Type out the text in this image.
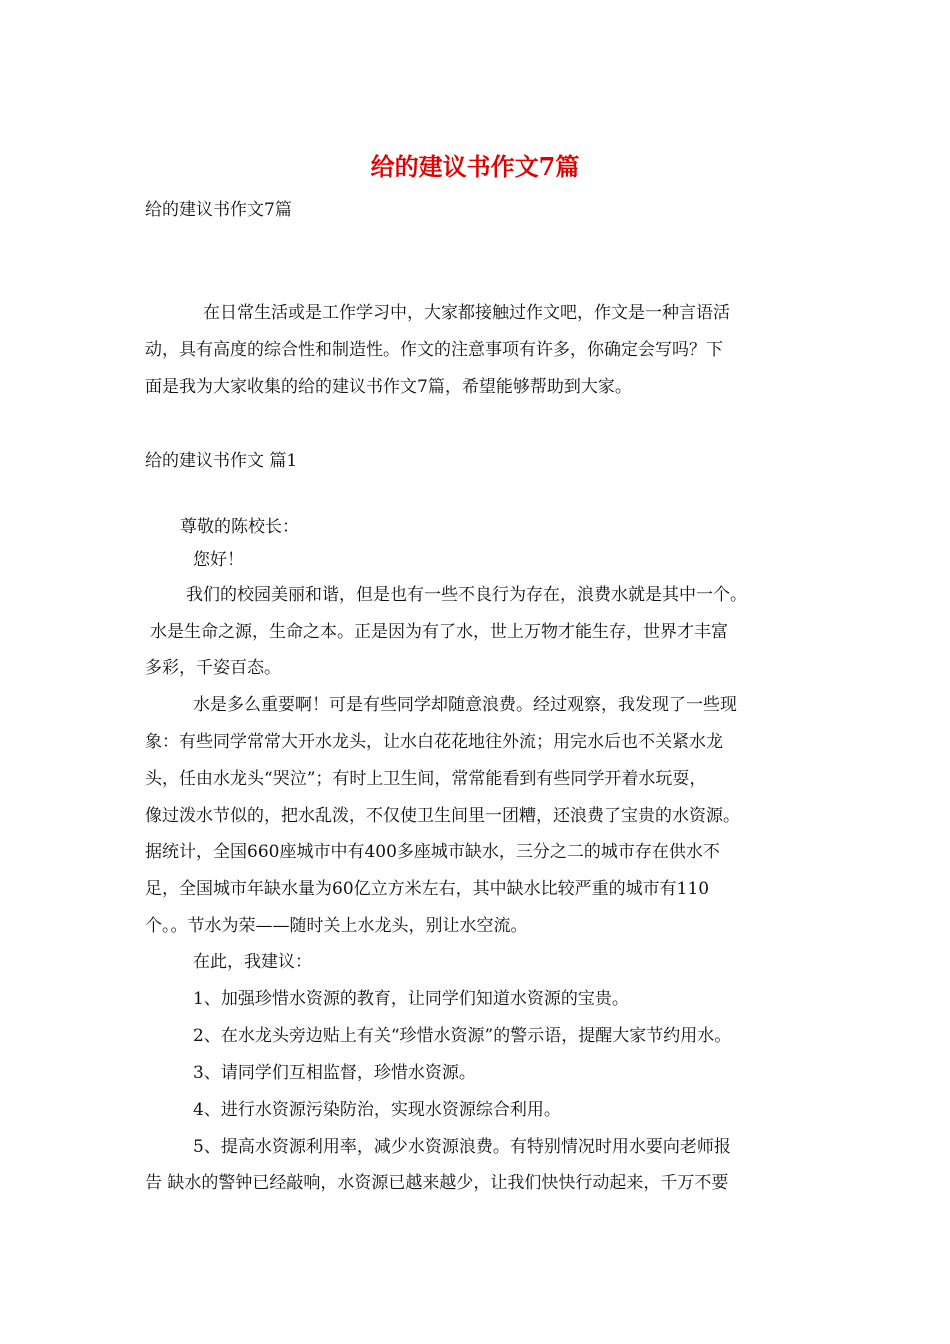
给的建议书作文7篇
给的建议书作文7篇
在日常生活或是工作学习中，大家都接触过作文吧，作文是一种言语活
动，具有高度的综合性和制造性。作文的注意事项有许多，你确定会写吗？下
面是我为大家收集的给的建议书作文7篇，希望能够帮助到大家。
给的建议书作文 篇1
尊敬的陈校长：
您好！
我们的校园美丽和谐，但是也有一些不良行为存在，浪费水就是其中一个。
水是生命之源，生命之本。正是因为有了水，世上万物才能生存，世界才丰富
多彩，千姿百态。
水是多么重要啊！可是有些同学却随意浪费。经过观察，我发现了一些现
象：有些同学常常大开水龙头，让水白花花地往外流；用完水后也不关紧水龙
头，任由水龙头“哭泣”；有时上卫生间，常常能看到有些同学开着水玩耍，
像过泼水节似的，把水乱泼，不仅使卫生间里一团糟，还浪费了宝贵的水资源。
据统计，全国660座城市中有400多座城市缺水，三分之二的城市存在供水不
足，全国城市年缺水量为60亿立方米左右，其中缺水比较严重的城市有110
个。。节水为荣——随时关上水龙头，别让水空流。
在此，我建议：
1、加强珍惜水资源的教育，让同学们知道水资源的宝贵。
2、在水龙头旁边贴上有关“珍惜水资源”的警示语，提醒大家节约用水。
3、请同学们互相监督，珍惜水资源。
4、进行水资源污染防治，实现水资源综合利用。
5、提高水资源利用率，减少水资源浪费。有特别情况时用水要向老师报
告 缺水的警钟已经敲响，水资源已越来越少，让我们快快行动起来，千万不要
